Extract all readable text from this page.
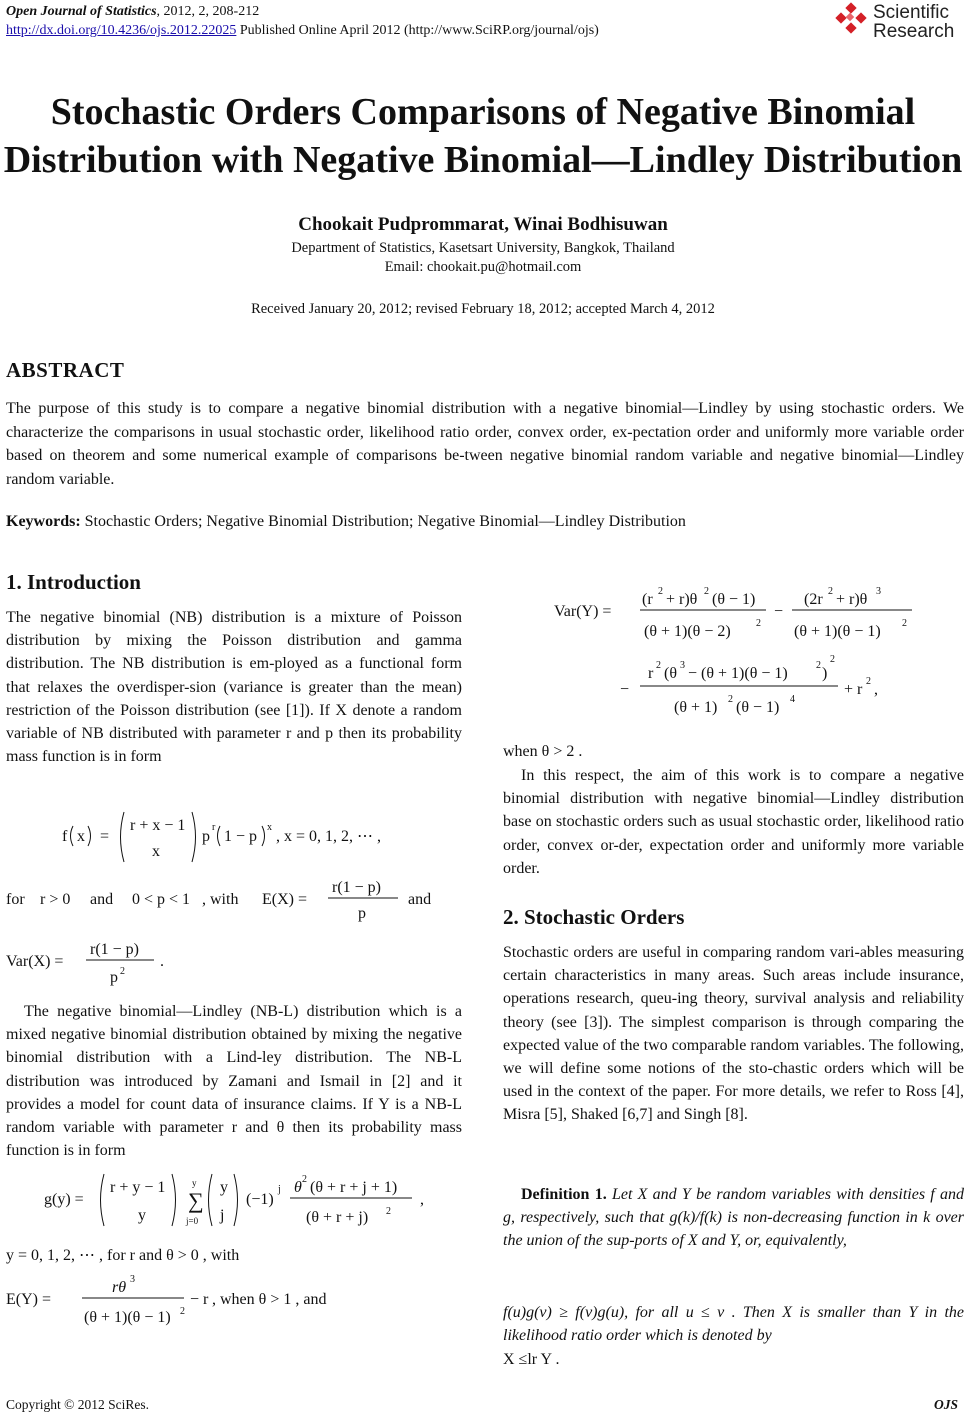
Open Journal of Statistics, 2012, 2, 208-212
http://dx.doi.org/10.4236/ojs.2012.22025 Published Online April 2012 (http://www.SciRP.org/journal/ojs)
Scientific
Research
Stochastic Orders Comparisons of Negative Binomial
Distribution with Negative Binomial—Lindley Distribution
Chookait Pudprommarat, Winai Bodhisuwan
Department of Statistics, Kasetsart University, Bangkok, Thailand
Email: chookait.pu@hotmail.com
Received January 20, 2012; revised February 18, 2012; accepted March 4, 2012
ABSTRACT
The purpose of this study is to compare a negative binomial distribution with a negative binomial—Lindley by using stochastic orders. We characterize the comparisons in usual stochastic order, likelihood ratio order, convex order, ex-pectation order and uniformly more variable order based on theorem and some numerical example of comparisons be-tween negative binomial random variable and negative binomial—Lindley random variable.
Keywords: Stochastic Orders; Negative Binomial Distribution; Negative Binomial—Lindley Distribution
1. Introduction
The negative binomial (NB) distribution is a mixture of Poisson distribution by mixing the Poisson distribution and gamma distribution. The NB distribution is em-ployed as a functional form that relaxes the overdisper-sion (variance is greater than the mean) restriction of the Poisson distribution (see [1]). If X denote a random variable of NB distributed with parameter r and p then its probability mass function is in form
f x =
r + x − 1
x
p
r
1 − p
x
, x = 0, 1, 2, ⋯ ,
for r > 0 and 0 < p < 1 , with E(X) =
r(1 − p)
p
and
Var(X) =
r(1 − p)
p 2
.
The negative binomial—Lindley (NB-L) distribution which is a mixed negative binomial distribution obtained by mixing the negative binomial distribution with a Lind-ley distribution. The NB-L distribution was introduced by Zamani and Ismail in [2] and it provides a model for count data of insurance claims. If Y is a NB-L random variable with parameter r and θ then its probability mass function is in form
g(y) =
r + y − 1
y
∑
y
j=0
y
j
(−1)
j θ 2 (θ + r + j + 1)
(θ + r + j) 2
,
y = 0, 1, 2, ⋯ , for r and θ > 0 , with
E(Y) =
rθ 3
(θ + 1)(θ − 1) 2
− r , when θ > 1 , and
Var(Y) =
(r 2 + r)θ 2 (θ − 1)
(θ + 1)(θ − 2)	2
−
(2r 2 + r)θ 3
(θ + 1)(θ − 1) 2
−
r 2 (θ 3 − (θ + 1)(θ − 1)	2 )
2
(θ + 1) 2 (θ − 1) 4
+ r 2 ,
when θ > 2 .
In this respect, the aim of this work is to compare a negative binomial distribution with negative binomial—Lindley distribution base on stochastic orders such as usual stochastic order, likelihood ratio order, convex or-der, expectation order and uniformly more variable order.
2. Stochastic Orders
Stochastic orders are useful in comparing random vari-ables measuring certain characteristics in many areas. Such areas include insurance, operations research, queu-ing theory, survival analysis and reliability theory (see [3]). The simplest comparison is through comparing the expected value of the two comparable random variables. The following, we will define some notions of the sto-chastic orders which will be used in the context of the paper. For more details, we refer to Ross [4], Misra [5], Shaked [6,7] and Singh [8].
Definition 1. Let X and Y be random variables with densities f and g, respectively, such that g(k)/f(k) is non-decreasing function in k over the union of the sup-ports of X and Y, or, equivalently,
f(u)g(v) ≥ f(v)g(u), for all u ≤ v . Then X is smaller than Y in the likelihood ratio order which is denoted by
X ≤lr Y .
Copyright © 2012 SciRes.	OJS
